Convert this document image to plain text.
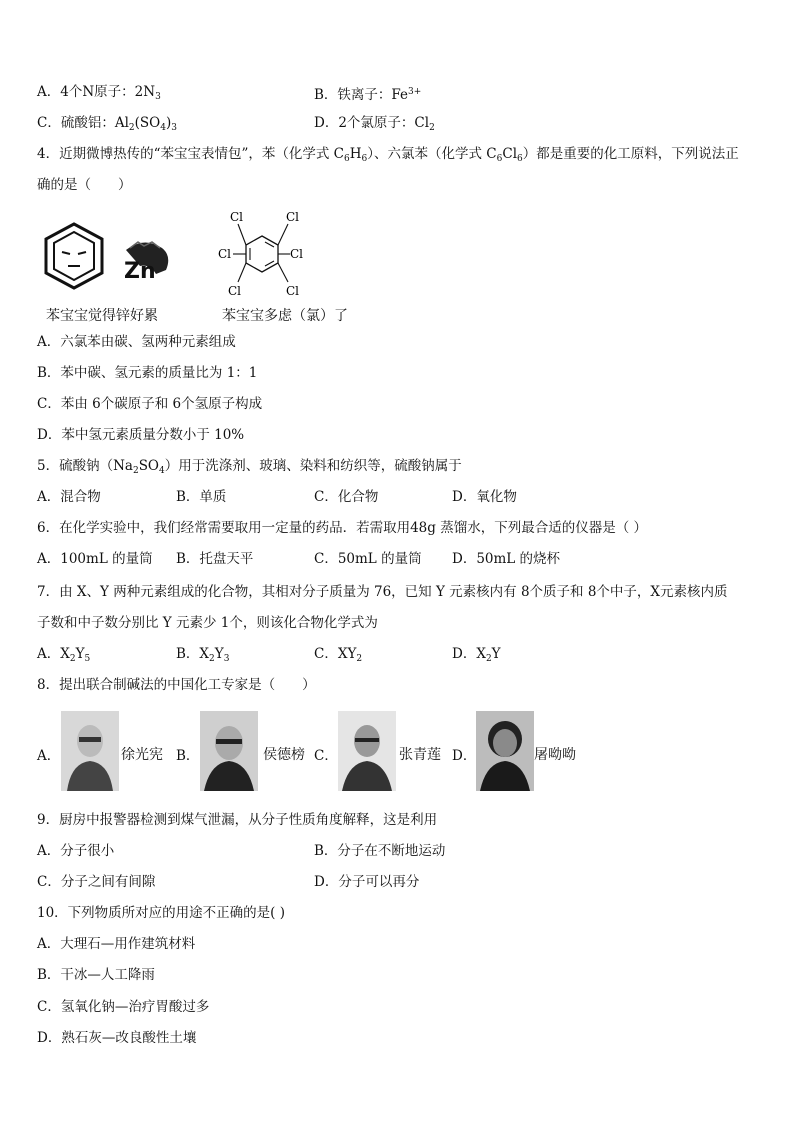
A．4个N原子：$2N_3$	B．铁离子：$Fe^{3+}$
C．硫酸铝：$Al_2(SO_4)_3$	D．2个氯原子：$Cl_2$
4．近期微博热传的“苯宝宝表情包”，苯（化学式 $C_6H_6$）、六氯苯（化学式 $C_6Cl_6$）都是重要的化工原料，下列说法正
确的是（　　）
Zn
苯宝宝觉得锌好累
Cl	Cl
Cl	Cl
Cl	Cl
苯宝宝多虑（氯）了
A．六氯苯由碳、氢两种元素组成
B．苯中碳、氢元素的质量比为 1：1
C．苯由 6个碳原子和 6个氢原子构成
D．苯中氢元素质量分数小于 10%
5．硫酸钠$(Na_2SO_4)$用于洗涤剂、玻璃、染料和纺织等，硫酸钠属于
A．混合物	B．单质	C．化合物	D．氧化物
6．在化学实验中，我们经常需要取用一定量的药品．若需取用48g 蒸馏水，下列最合适的仪器是（ ）
A．100mL 的量筒 B．托盘天平	C．50mL 的量筒 D．50mL 的烧杯
7．由 X、Y 两种元素组成的化合物，其相对分子质量为 76，已知 Y 元素核内有 8个质子和 8个中子，X元素核内质
子数和中子数分别比 Y 元素少 1个，则该化合物化学式为
A．$X_2Y_5$	B．$X_2Y_3$	C．$XY_2$	D．$X_2Y$
8．提出联合制碱法的中国化工专家是（　　）
A．	徐光宪 B．	侯德榜 C．	张青莲 D．	屠呦呦
9．厨房中报警器检测到煤气泄漏，从分子性质角度解释，这是利用
A．分子很小	B．分子在不断地运动
C．分子之间有间隙	D．分子可以再分
10．下列物质所对应的用途不正确的是( )
A．大理石—用作建筑材料
B．干冰—人工降雨
C．氢氧化钠—治疗胃酸过多
D．熟石灰—改良酸性土壤
